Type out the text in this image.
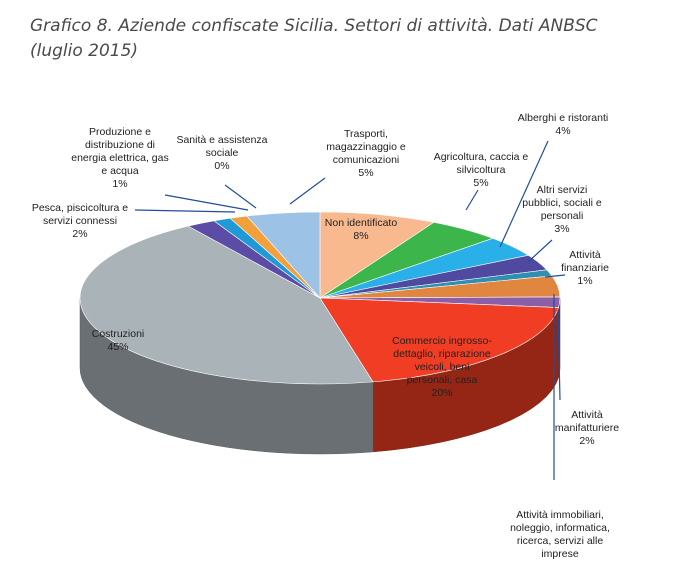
Grafico 8. Aziende confiscate Sicilia. Settori di attività. Dati ANBSC
(luglio 2015)
Non identificato 8%
Agricoltura, caccia e silvicoltura 5%
Alberghi e ristoranti 4%
Altri servizi pubblici, sociali e personali 3%
Attività finanziarie 1%
Attività immobiliari, noleggio, informatica, ricerca, servizi alle imprese
Attività manifatturiere 2%
Commercio ingrosso-dettaglio, riparazione veicoli, beni personali, casa 20%
Costruzioni 45%
Pesca, piscicoltura e servizi connessi 2%
Produzione e distribuzione di energia elettrica, gas e acqua 1%
Sanità e assistenza sociale 0%
Trasporti, magazzinaggio e comunicazioni 5%
